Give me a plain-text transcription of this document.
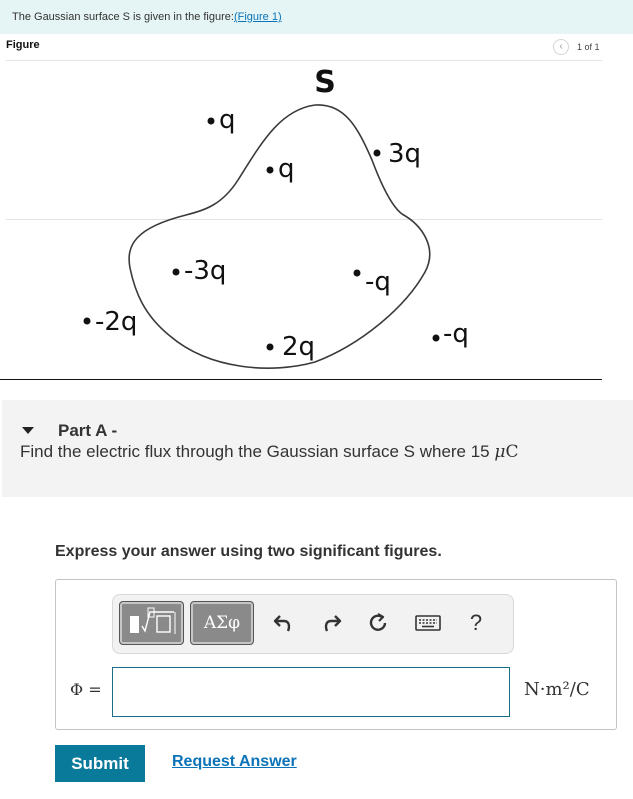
The Gaussian surface S is given in the figure:(Figure 1)
Figure	‹	1 of 1
S
q
q	3q
-3q	-q
-2q
2q	-q
Part A -
Find the electric flux through the Gaussian surface S where 15 μC
Express your answer using two significant figures.
ΑΣφ	?
Φ =	N·m²/C
Submit	Request Answer
